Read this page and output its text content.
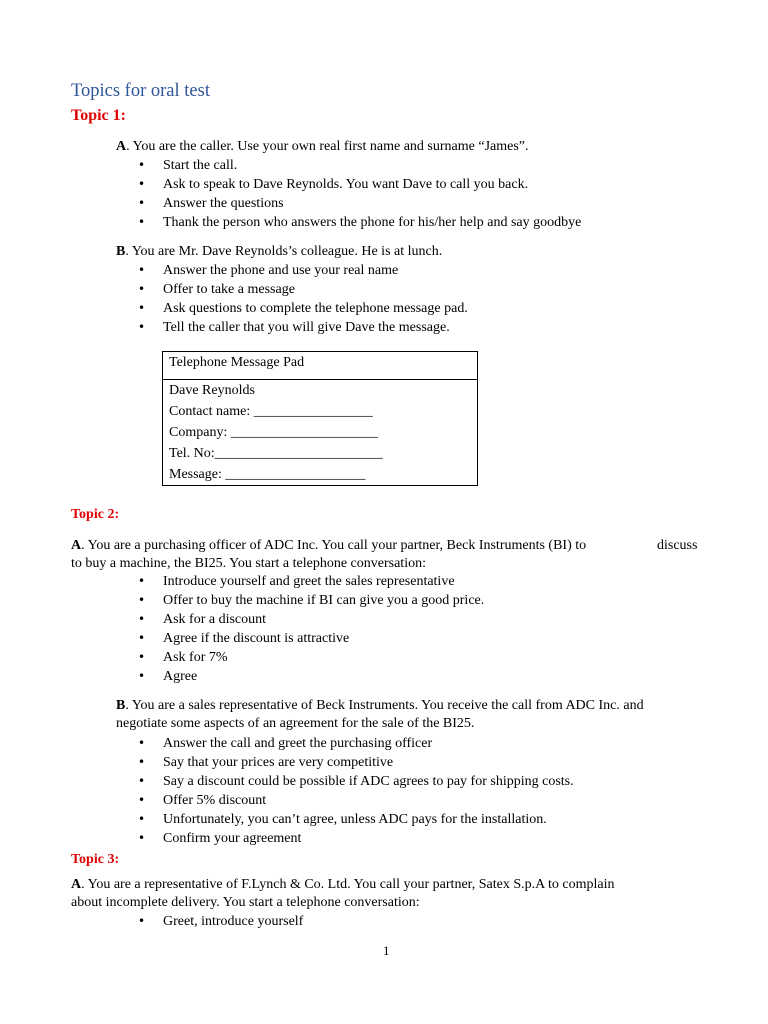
Topics for oral test
Topic 1:
A. You are the caller. Use your own real first name and surname “James”.
• Start the call.
• Ask to speak to Dave Reynolds. You want Dave to call you back.
• Answer the questions
• Thank the person who answers the phone for his/her help and say goodbye
B. You are Mr. Dave Reynolds’s colleague. He is at lunch.
• Answer the phone and use your real name
• Offer to take a message
• Ask questions to complete the telephone message pad.
• Tell the caller that you will give Dave the message.
Telephone Message Pad
Dave Reynolds
Contact name: _________________
Company: _____________________
Tel. No:________________________
Message: ____________________
Topic 2:
A. You are a purchasing officer of ADC Inc. You call your partner, Beck Instruments (BI) to	discuss
to buy a machine, the BI25. You start a telephone conversation:
• Introduce yourself and greet the sales representative
• Offer to buy the machine if BI can give you a good price.
• Ask for a discount
• Agree if the discount is attractive
• Ask for 7%
• Agree
B. You are a sales representative of Beck Instruments. You receive the call from ADC Inc. and
negotiate some aspects of an agreement for the sale of the BI25.
• Answer the call and greet the purchasing officer
• Say that your prices are very competitive
• Say a discount could be possible if ADC agrees to pay for shipping costs.
• Offer 5% discount
• Unfortunately, you can’t agree, unless ADC pays for the installation.
• Confirm your agreement
Topic 3:
A. You are a representative of F.Lynch & Co. Ltd. You call your partner, Satex S.p.A to complain
about incomplete delivery. You start a telephone conversation:
• Greet, introduce yourself
1
